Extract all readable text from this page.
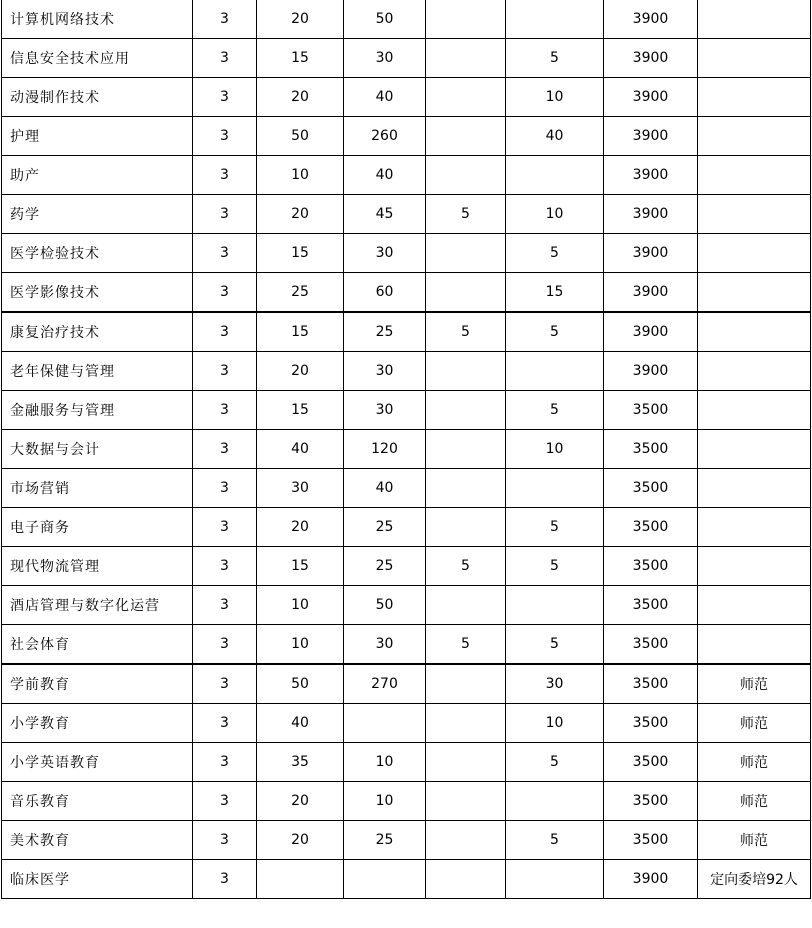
计算机网络技术	3	20	50			3900	
信息安全技术应用	3	15	30		5	3900	
动漫制作技术	3	20	40		10	3900	
护理	3	50	260		40	3900	
助产	3	10	40			3900	
药学	3	20	45	5	10	3900	
医学检验技术	3	15	30		5	3900	
医学影像技术	3	25	60		15	3900	
康复治疗技术	3	15	25	5	5	3900	
老年保健与管理	3	20	30			3900	
金融服务与管理	3	15	30		5	3500	
大数据与会计	3	40	120		10	3500	
市场营销	3	30	40			3500	
电子商务	3	20	25		5	3500	
现代物流管理	3	15	25	5	5	3500	
酒店管理与数字化运营	3	10	50			3500	
社会体育	3	10	30	5	5	3500	
学前教育	3	50	270		30	3500	师范
小学教育	3	40			10	3500	师范
小学英语教育	3	35	10		5	3500	师范
音乐教育	3	20	10			3500	师范
美术教育	3	20	25		5	3500	师范
临床医学	3					3900	定向委培92人
